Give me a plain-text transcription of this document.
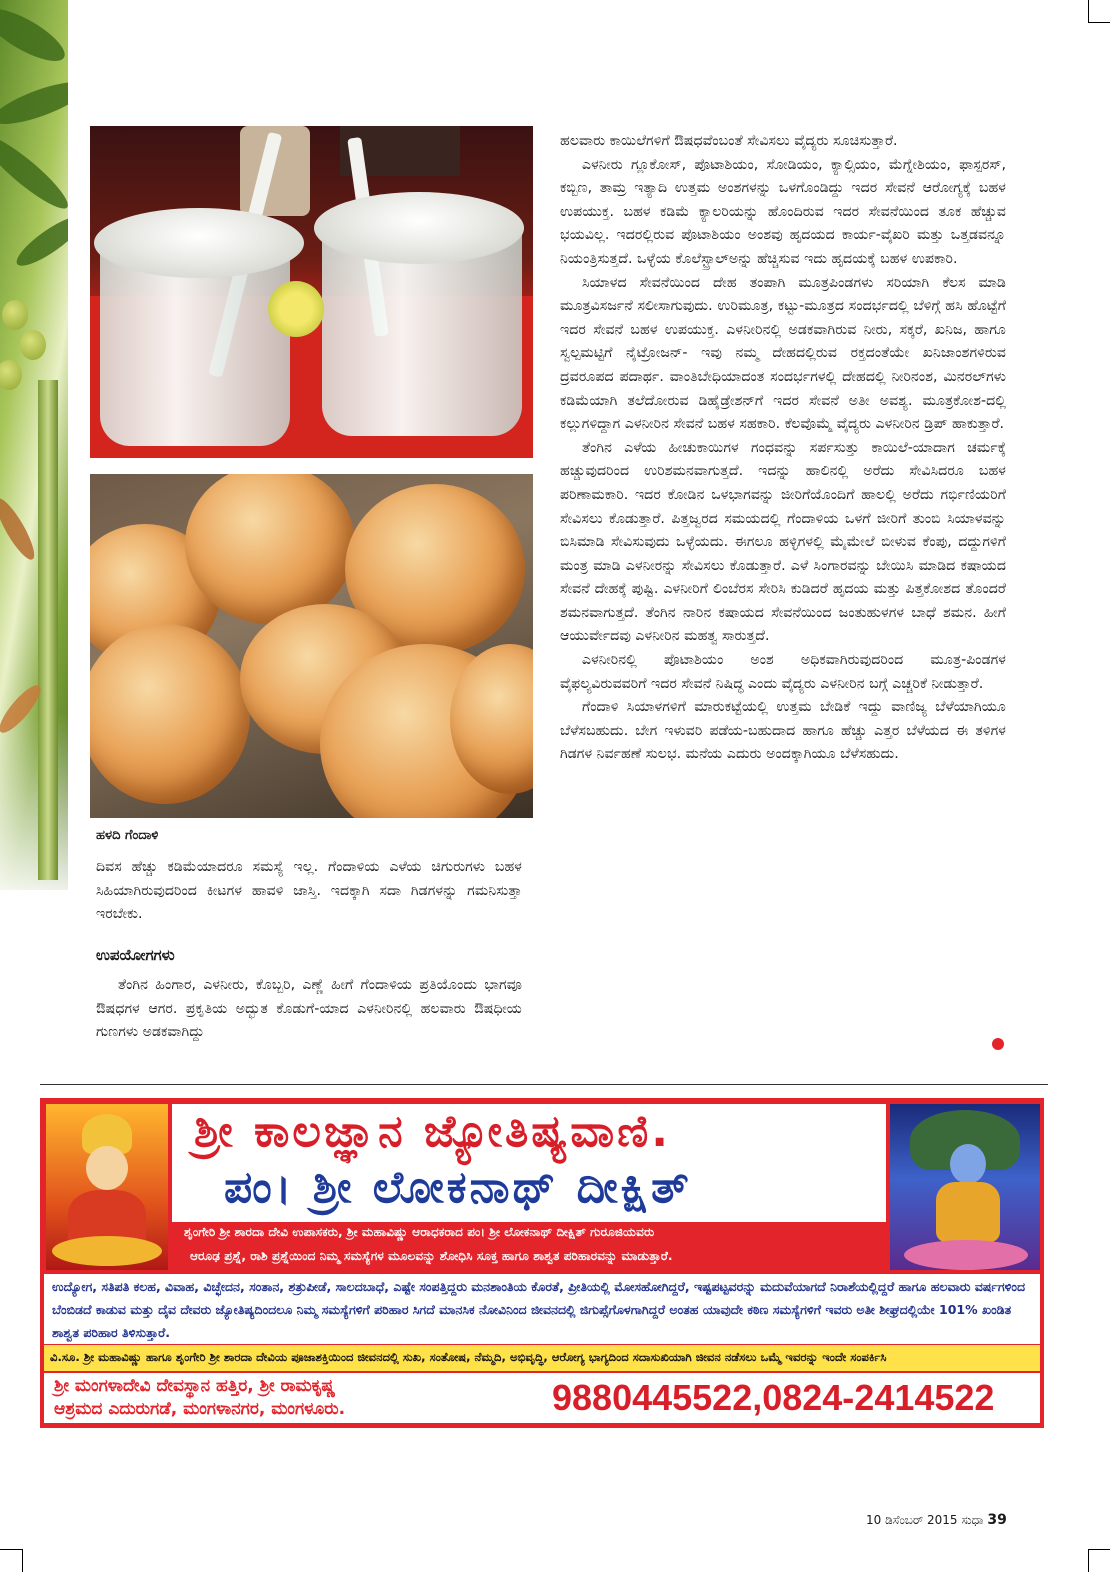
ಹಳದಿ ಗೆಂದಾಳಿ
ದಿವಸ ಹೆಚ್ಚು ಕಡಿಮೆಯಾದರೂ ಸಮಸ್ಯೆ ಇಲ್ಲ. ಗೆಂದಾಳಿಯ ಎಳೆಯ ಚಿಗುರುಗಳು ಬಹಳ ಸಿಹಿಯಾಗಿರುವುದರಿಂದ ಕೀಟಗಳ ಹಾವಳಿ ಜಾಸ್ತಿ. ಇದಕ್ಕಾಗಿ ಸದಾ ಗಿಡಗಳನ್ನು ಗಮನಿಸುತ್ತಾ ಇರಬೇಕು.
ಉಪಯೋಗಗಳು
ತೆಂಗಿನ ಹಿಂಗಾರ, ಎಳನೀರು, ಕೊಬ್ಬರಿ, ಎಣ್ಣೆ ಹೀಗೆ ಗೆಂದಾಳಿಯ ಪ್ರತಿಯೊಂದು ಭಾಗವೂ ಔಷಧಗಳ ಆಗರ. ಪ್ರಕೃತಿಯ ಅದ್ಭುತ ಕೊಡುಗೆ-ಯಾದ ಎಳನೀರಿನಲ್ಲಿ ಹಲವಾರು ಔಷಧೀಯ ಗುಣಗಳು ಅಡಕವಾಗಿದ್ದು
ಹಲವಾರು ಕಾಯಿಲೆಗಳಿಗೆ ಔಷಧವೆಂಬಂತೆ ಸೇವಿಸಲು ವೈದ್ಯರು ಸೂಚಿಸುತ್ತಾರೆ.
ಎಳನೀರು ಗ್ಲೂಕೋಸ್, ಪೊಟಾಶಿಯಂ, ಸೋಡಿಯಂ, ಕ್ಯಾಲ್ಸಿಯಂ, ಮೆಗ್ನೇಶಿಯಂ, ಫಾಸ್ಪರಸ್, ಕಬ್ಬಿಣ, ತಾಮ್ರ ಇತ್ಯಾದಿ ಉತ್ತಮ ಅಂಶಗಳನ್ನು ಒಳಗೊಂಡಿದ್ದು ಇದರ ಸೇವನೆ ಆರೋಗ್ಯಕ್ಕೆ ಬಹಳ ಉಪಯುಕ್ತ. ಬಹಳ ಕಡಿಮೆ ಕ್ಯಾಲರಿಯನ್ನು ಹೊಂದಿರುವ ಇದರ ಸೇವನೆಯಿಂದ ತೂಕ ಹೆಚ್ಚುವ ಭಯವಿಲ್ಲ. ಇದರಲ್ಲಿರುವ ಪೊಟಾಶಿಯಂ ಅಂಶವು ಹೃದಯದ ಕಾರ್ಯ-ವೈಖರಿ ಮತ್ತು ಒತ್ತಡವನ್ನೂ ನಿಯಂತ್ರಿಸುತ್ತದೆ. ಒಳ್ಳೆಯ ಕೊಲೆಸ್ಟ್ರಾಲ್‌ಅನ್ನು ಹೆಚ್ಚಿಸುವ ಇದು ಹೃದಯಕ್ಕೆ ಬಹಳ ಉಪಕಾರಿ.
ಸಿಯಾಳದ ಸೇವನೆಯಿಂದ ದೇಹ ತಂಪಾಗಿ ಮೂತ್ರಪಿಂಡಗಳು ಸರಿಯಾಗಿ ಕೆಲಸ ಮಾಡಿ ಮೂತ್ರವಿಸರ್ಜನೆ ಸಲೀಸಾಗುವುದು. ಉರಿಮೂತ್ರ, ಕಟ್ಟು-ಮೂತ್ರದ ಸಂದರ್ಭದಲ್ಲಿ ಬೆಳಿಗ್ಗೆ ಹಸಿ ಹೊಟ್ಟೆಗೆ ಇದರ ಸೇವನೆ ಬಹಳ ಉಪಯುಕ್ತ. ಎಳನೀರಿನಲ್ಲಿ ಅಡಕವಾಗಿರುವ ನೀರು, ಸಕ್ಕರೆ, ಖನಿಜ, ಹಾಗೂ ಸ್ವಲ್ಪಮಟ್ಟಿಗೆ ನೈಟ್ರೋಜನ್- ಇವು ನಮ್ಮ ದೇಹದಲ್ಲಿರುವ ರಕ್ತದಂತೆಯೇ ಖನಿಜಾಂಶಗಳಿರುವ ದ್ರವರೂಪದ ಪದಾರ್ಥ. ವಾಂತಿಬೇಧಿಯಾದಂತ ಸಂದರ್ಭಗಳಲ್ಲಿ ದೇಹದಲ್ಲಿ ನೀರಿನಂಶ, ಮಿನರಲ್‌ಗಳು ಕಡಿಮೆಯಾಗಿ ತಲೆದೋರುವ ಡಿಹೈಡ್ರೇಶನ್‌ಗೆ ಇದರ ಸೇವನೆ ಅತೀ ಅವಶ್ಯ. ಮೂತ್ರಕೋಶ-ದಲ್ಲಿ ಕಲ್ಲುಗಳಿದ್ದಾಗ ಎಳನೀರಿನ ಸೇವನೆ ಬಹಳ ಸಹಕಾರಿ. ಕೆಲವೊಮ್ಮೆ ವೈದ್ಯರು ಎಳನೀರಿನ ಡ್ರಿಪ್ ಹಾಕುತ್ತಾರೆ.
ತೆಂಗಿನ ಎಳೆಯ ಹೀಚುಕಾಯಿಗಳ ಗಂಧವನ್ನು ಸರ್ಪಸುತ್ತು ಕಾಯಿಲೆ-ಯಾದಾಗ ಚರ್ಮಕ್ಕೆ ಹಚ್ಚುವುದರಿಂದ ಉರಿಶಮನವಾಗುತ್ತದೆ. ಇದನ್ನು ಹಾಲಿನಲ್ಲಿ ಅರೆದು ಸೇವಿಸಿದರೂ ಬಹಳ ಪರಿಣಾಮಕಾರಿ. ಇದರ ಕೋಡಿನ ಒಳಭಾಗವನ್ನು ಜೀರಿಗೆಯೊಂದಿಗೆ ಹಾಲಲ್ಲಿ ಅರೆದು ಗರ್ಭಿಣಿಯರಿಗೆ ಸೇವಿಸಲು ಕೊಡುತ್ತಾರೆ. ಪಿತ್ತಜ್ವರದ ಸಮಯದಲ್ಲಿ ಗೆಂದಾಳಿಯ ಒಳಗೆ ಜೀರಿಗೆ ತುಂಬಿ ಸಿಯಾಳವನ್ನು ಬಿಸಿಮಾಡಿ ಸೇವಿಸುವುದು ಒಳ್ಳೆಯದು. ಈಗಲೂ ಹಳ್ಳಿಗಳಲ್ಲಿ ಮೈಮೇಲೆ ಬೀಳುವ ಕೆಂಪು, ದದ್ದುಗಳಿಗೆ ಮಂತ್ರ ಮಾಡಿ ಎಳನೀರನ್ನು ಸೇವಿಸಲು ಕೊಡುತ್ತಾರೆ. ಎಳೆ ಸಿಂಗಾರವನ್ನು ಬೇಯಿಸಿ ಮಾಡಿದ ಕಷಾಯದ ಸೇವನೆ ದೇಹಕ್ಕೆ ಪುಷ್ಟಿ. ಎಳನೀರಿಗೆ ಲಿಂಬೆರಸ ಸೇರಿಸಿ ಕುಡಿದರೆ ಹೃದಯ ಮತ್ತು ಪಿತ್ತಕೋಶದ ತೊಂದರೆ ಶಮನವಾಗುತ್ತದೆ. ತೆಂಗಿನ ನಾರಿನ ಕಷಾಯದ ಸೇವನೆಯಿಂದ ಜಂತುಹುಳಗಳ ಬಾಧೆ ಶಮನ. ಹೀಗೆ ಆಯುರ್ವೇದವು ಎಳನೀರಿನ ಮಹತ್ವ ಸಾರುತ್ತದೆ.
ಎಳನೀರಿನಲ್ಲಿ ಪೊಟಾಶಿಯಂ ಅಂಶ ಅಧಿಕವಾಗಿರುವುದರಿಂದ ಮೂತ್ರ-ಪಿಂಡಗಳ ವೈಫಲ್ಯವಿರುವವರಿಗೆ ಇದರ ಸೇವನೆ ನಿಷಿದ್ಧ ಎಂದು ವೈದ್ಯರು ಎಳನೀರಿನ ಬಗ್ಗೆ ಎಚ್ಚರಿಕೆ ನೀಡುತ್ತಾರೆ.
ಗೆಂದಾಳಿ ಸಿಯಾಳಗಳಿಗೆ ಮಾರುಕಟ್ಟೆಯಲ್ಲಿ ಉತ್ತಮ ಬೇಡಿಕೆ ಇದ್ದು ವಾಣಿಜ್ಯ ಬೆಳೆಯಾಗಿಯೂ ಬೆಳೆಸಬಹುದು. ಬೇಗ ಇಳುವರಿ ಪಡೆಯ-ಬಹುದಾದ ಹಾಗೂ ಹೆಚ್ಚು ಎತ್ತರ ಬೆಳೆಯದ ಈ ತಳಿಗಳ ಗಿಡಗಳ ನಿರ್ವಹಣೆ ಸುಲಭ. ಮನೆಯ ಎದುರು ಅಂದಕ್ಕಾಗಿಯೂ ಬೆಳೆಸಹುದು.
ಶ್ರೀ ಕಾಲಜ್ಞಾನ ಜ್ಯೋತಿಷ್ಯವಾಣಿ.
ಪಂ। ಶ್ರೀ ಲೋಕನಾಥ್ ದೀಕ್ಷಿತ್
ಶೃಂಗೇರಿ ಶ್ರೀ ಶಾರದಾ ದೇವಿ ಉಪಾಸಕರು, ಶ್ರೀ ಮಹಾವಿಷ್ಣು ಆರಾಧಕರಾದ ಪಂ। ಶ್ರೀ ಲೋಕನಾಥ್ ದೀಕ್ಷಿತ್ ಗುರೂಜಿಯವರು
ಆರೂಢ ಪ್ರಶ್ನೆ, ರಾಶಿ ಪ್ರಶ್ನೆಯಿಂದ ನಿಮ್ಮ ಸಮಸ್ಯೆಗಳ ಮೂಲವನ್ನು ಶೋಧಿಸಿ ಸೂಕ್ತ ಹಾಗೂ ಶಾಶ್ವತ ಪರಿಹಾರವನ್ನು ಮಾಡುತ್ತಾರೆ.
ಉದ್ಯೋಗ, ಸತಿಪತಿ ಕಲಹ, ವಿವಾಹ, ವಿಚ್ಛೇದನ, ಸಂತಾನ, ಶತ್ರುಪೀಡೆ, ಸಾಲದಬಾಧೆ, ಎಷ್ಟೇ ಸಂಪತ್ತಿದ್ದರು ಮನಶಾಂತಿಯ ಕೊರತೆ, ಪ್ರೀತಿಯಲ್ಲಿ ಮೋಸಹೋಗಿದ್ದರೆ, ಇಷ್ಟಪಟ್ಟವರನ್ನು ಮದುವೆಯಾಗದೆ ನಿರಾಶೆಯಲ್ಲಿದ್ದರೆ ಹಾಗೂ ಹಲವಾರು ವರ್ಷಗಳಿಂದ ಬೆಂಬಿಡದೆ ಕಾಡುವ ಮತ್ತು ದೈವ ದೇವರು ಜ್ಯೋತಿಷ್ಯದಿಂದಲೂ ನಿಮ್ಮ ಸಮಸ್ಯೆಗಳಿಗೆ ಪರಿಹಾರ ಸಿಗದೆ ಮಾನಸಿಕ ನೋವಿನಿಂದ ಜೀವನದಲ್ಲಿ ಜಿಗುಪ್ಸೆಗೊಳಗಾಗಿದ್ದರೆ ಅಂತಹ ಯಾವುದೇ ಕಠಿಣ ಸಮಸ್ಯೆಗಳಿಗೆ ಇವರು ಅತೀ ಶೀಘ್ರದಲ್ಲಿಯೇ 101% ಖಂಡಿತ ಶಾಶ್ವತ ಪರಿಹಾರ ತಿಳಿಸುತ್ತಾರೆ.
ವಿ.ಸೂ. ಶ್ರೀ ಮಹಾವಿಷ್ಣು ಹಾಗೂ ಶೃಂಗೇರಿ ಶ್ರೀ ಶಾರದಾ ದೇವಿಯ ಪೂಜಾಶಕ್ತಿಯಿಂದ ಜೀವನದಲ್ಲಿ ಸುಖ, ಸಂತೋಷ, ನೆಮ್ಮದಿ, ಅಭಿವೃದ್ಧಿ, ಆರೋಗ್ಯ ಭಾಗ್ಯದಿಂದ ಸದಾಸುಖಿಯಾಗಿ ಜೀವನ ನಡೆಸಲು ಒಮ್ಮೆ ಇವರನ್ನು ಇಂದೇ ಸಂಪರ್ಕಿಸಿ
ಶ್ರೀ ಮಂಗಳಾದೇವಿ ದೇವಸ್ಥಾನ ಹತ್ತಿರ, ಶ್ರೀ ರಾಮಕೃಷ್ಣ
ಆಶ್ರಮದ ಎದುರುಗಡೆ, ಮಂಗಳಾನಗರ, ಮಂಗಳೂರು.	9880445522,0824-2414522
10 ಡಿಸೆಂಬರ್ 2015 ಸುಧಾ 39
